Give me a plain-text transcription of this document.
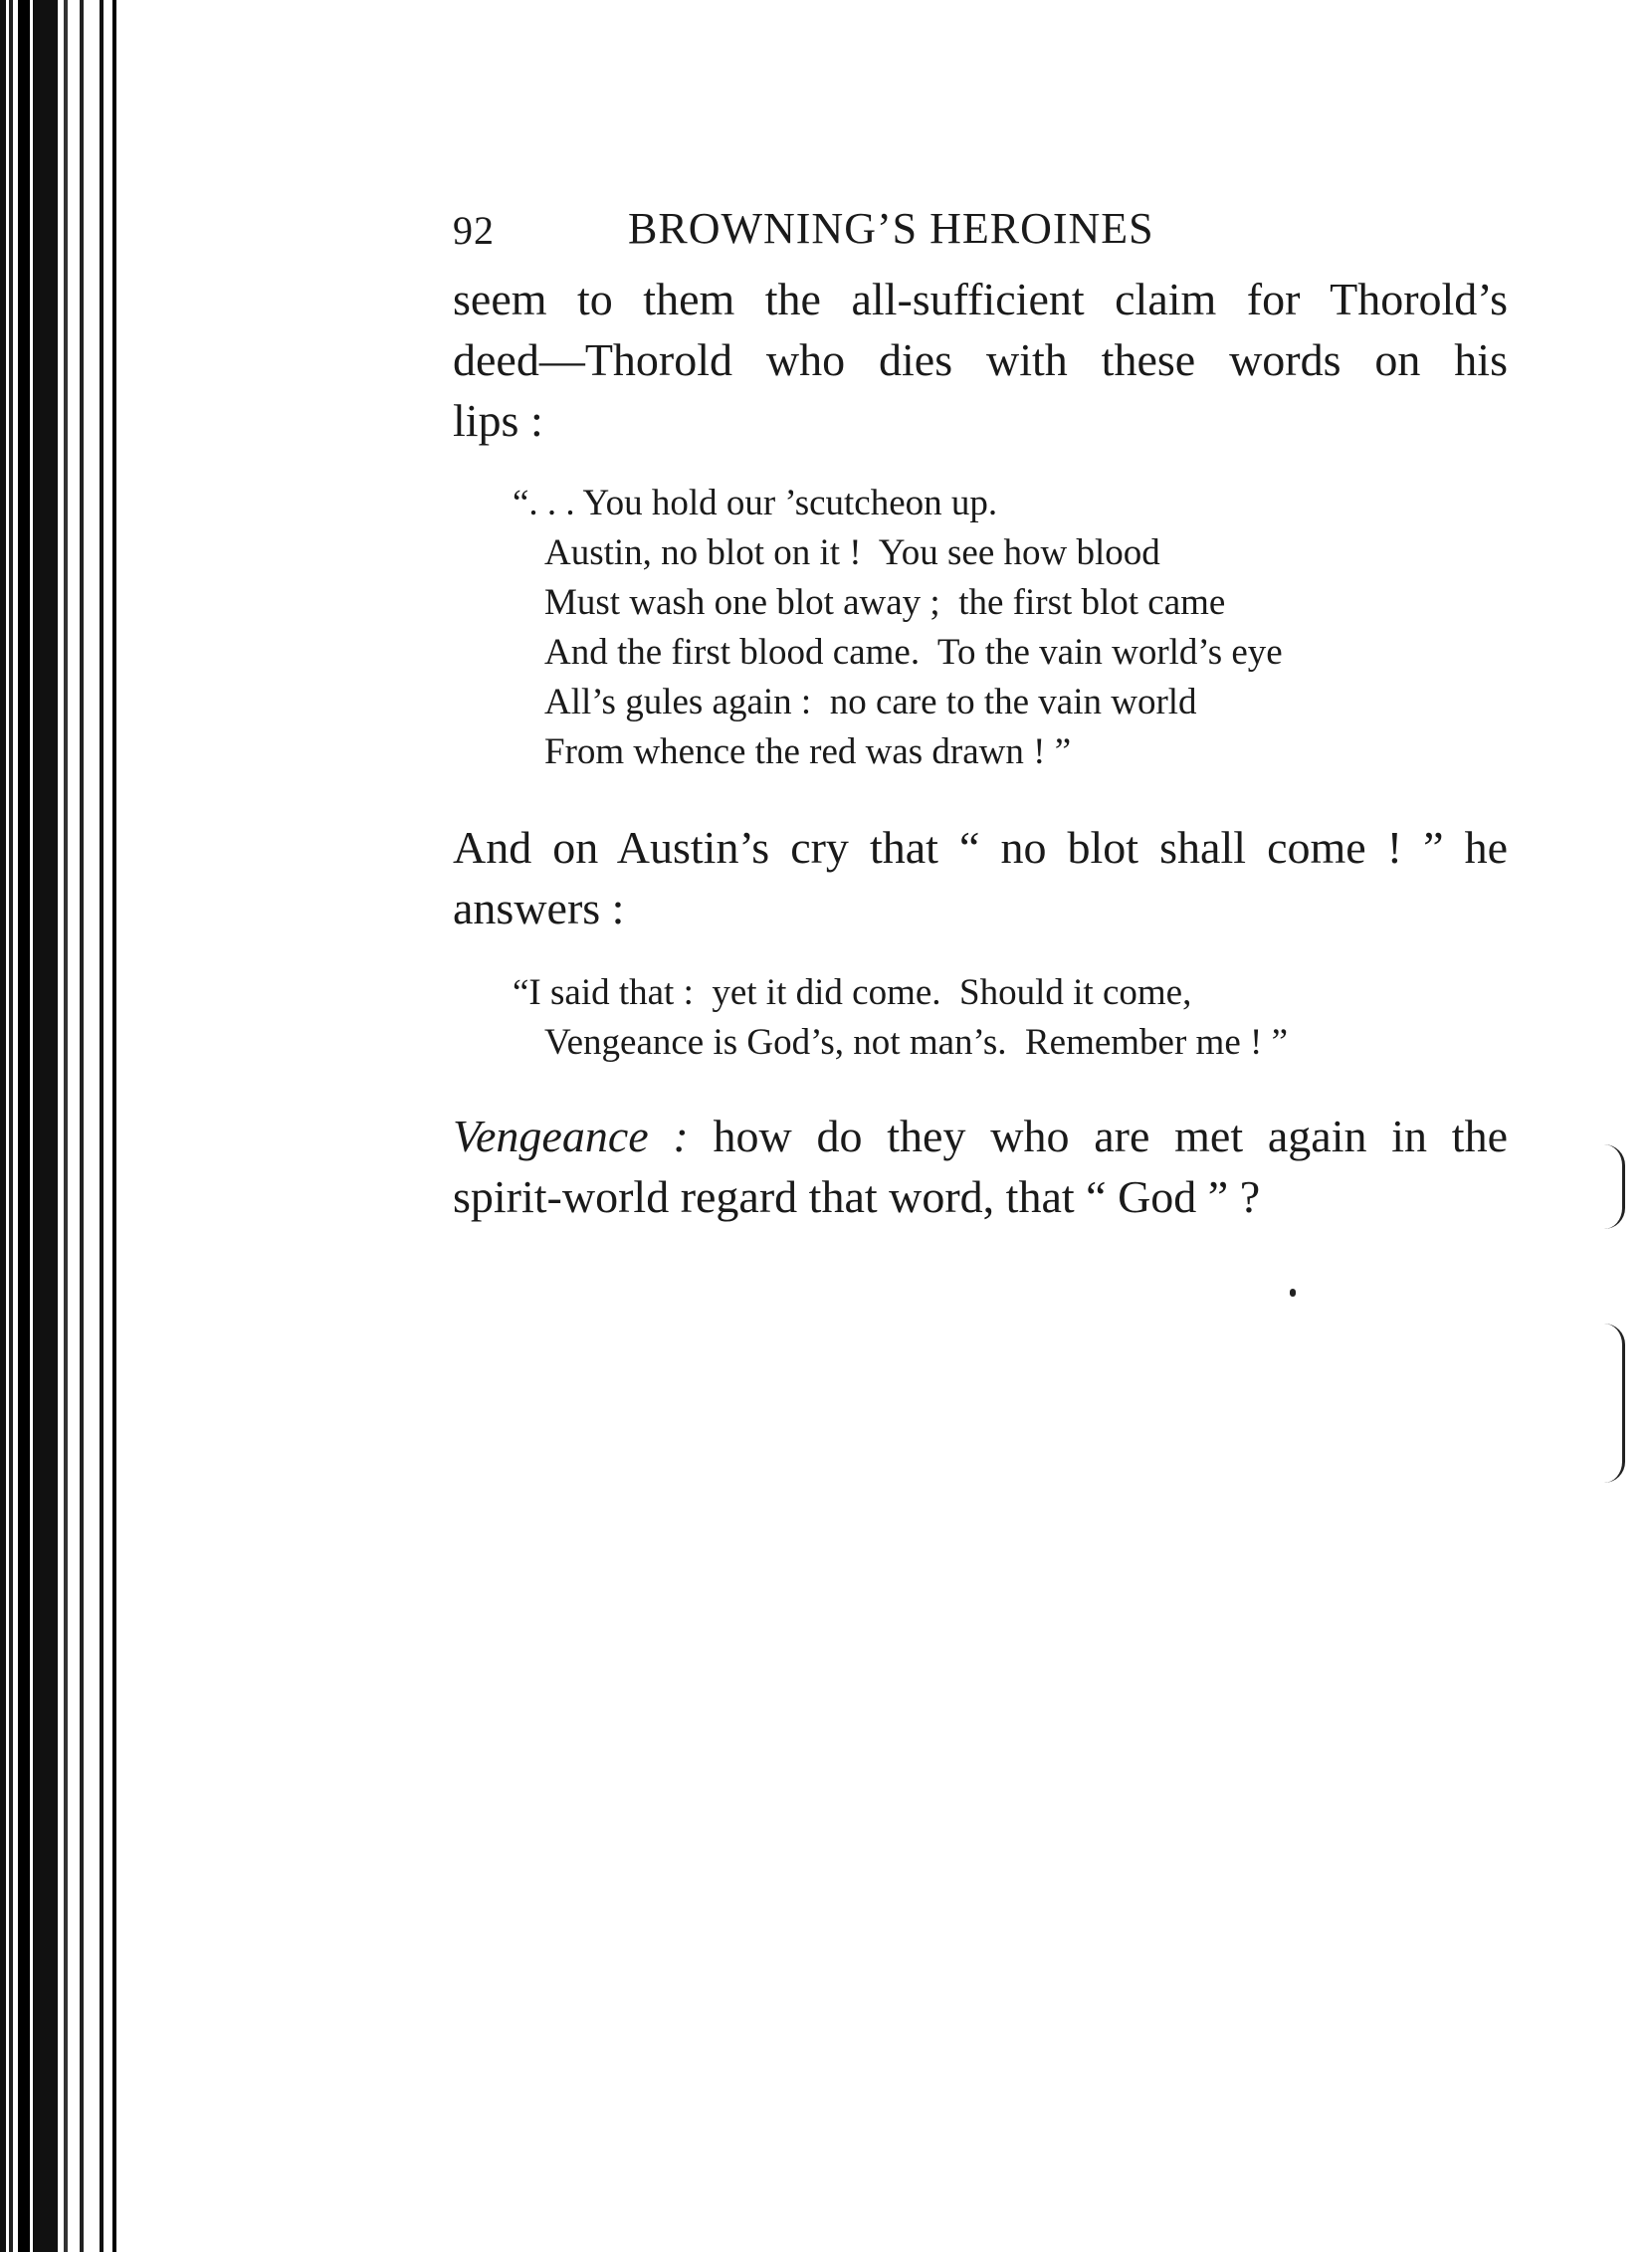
92	BROWNING’S HEROINES

seem to them the all-sufficient claim for Thorold’s
deed—Thorold who dies with these words on his
lips :

“. . . You hold our ’scutcheon up.
Austin, no blot on it !  You see how blood
Must wash one blot away ;  the first blot came
And the first blood came.  To the vain world’s eye
All’s gules again :  no care to the vain world
From whence the red was drawn ! ”

And on Austin’s cry that “ no blot shall come ! ” he
answers :

“I said that :  yet it did come.  Should it come,
Vengeance is God’s, not man’s.  Remember me ! ”

Vengeance : how do they who are met again in the
spirit-world regard that word, that “ God ” ?
